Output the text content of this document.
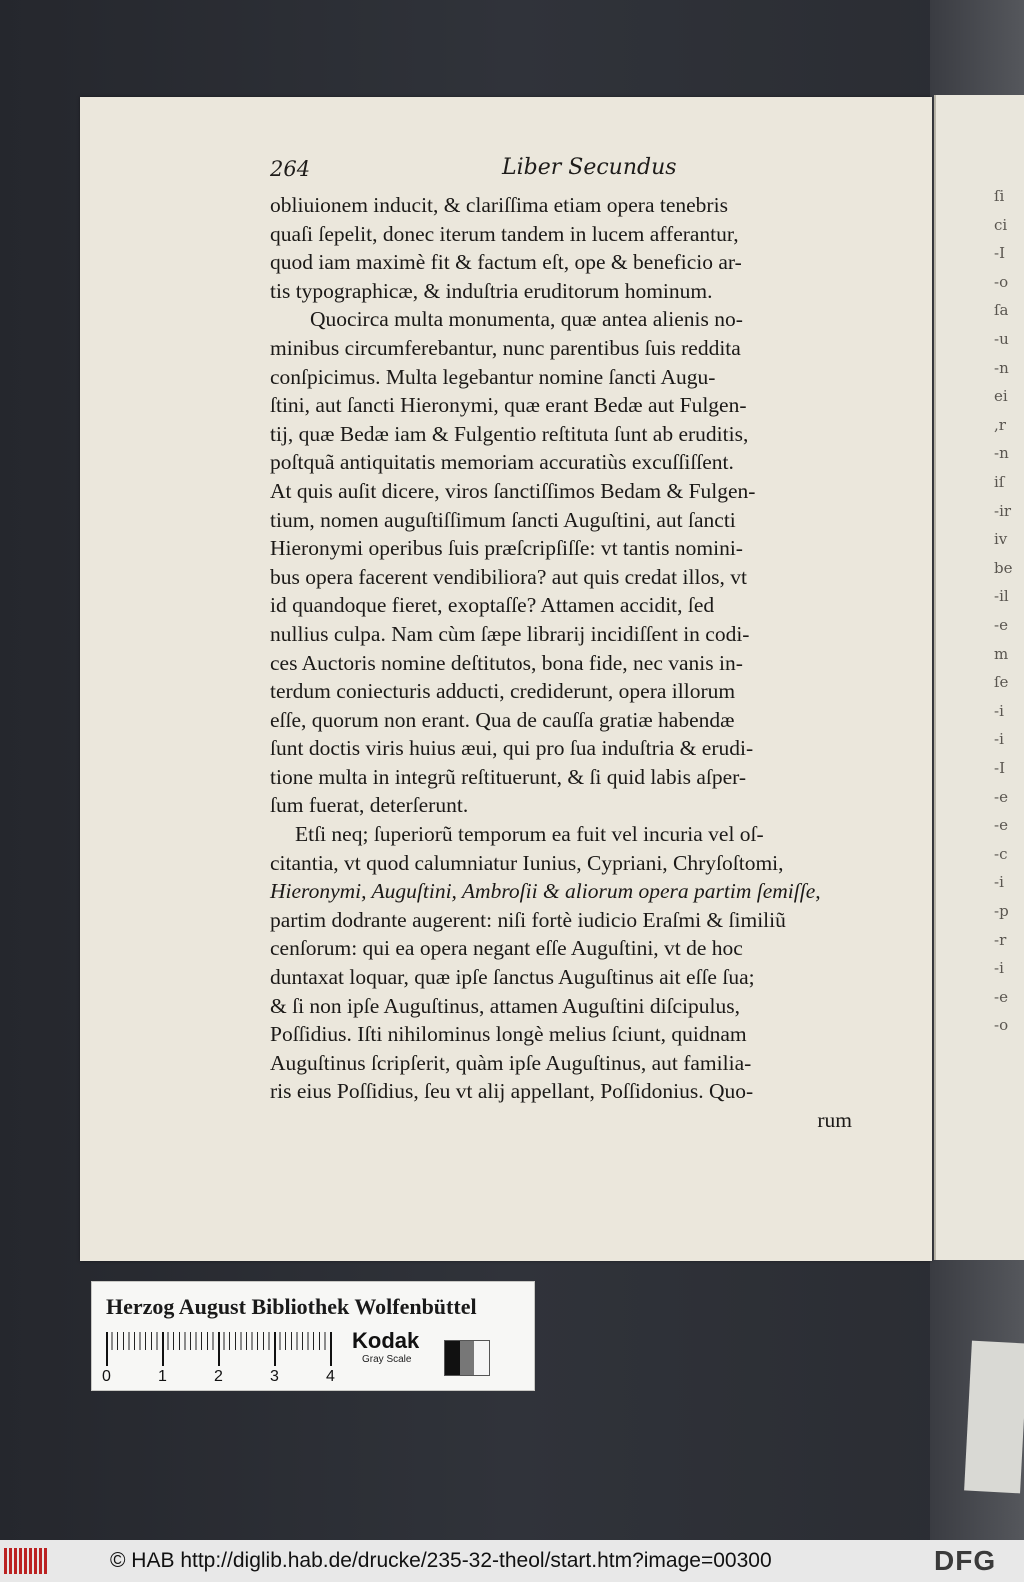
ſi
ci
-I
-o
ſa
-u
-n
ei
,r
-n
iſ
-ir
iv
be
-il
-e
m
ſe
-i
-i
-I
-e
-e
-c
-i
-p
-r
-i
-e
-o
264	Liber Secundus
obliuionem inducit, & clariſſima etiam opera tenebris
quaſi ſepelit, donec iterum tandem in lucem afferantur,
quod iam maximè fit & factum eſt, ope & beneficio ar-
tis typographicæ, & induſtria eruditorum hominum.
Quocirca multa monumenta, quæ antea alienis no-
minibus circumferebantur, nunc parentibus ſuis reddita
conſpicimus. Multa legebantur nomine ſancti Augu-
ſtini, aut ſancti Hieronymi, quæ erant Bedæ aut Fulgen-
tij, quæ Bedæ iam & Fulgentio reſtituta ſunt ab eruditis,
poſtquã antiquitatis memoriam accuratiùs excuſſiſſent.
At quis auſit dicere, viros ſanctiſſimos Bedam & Fulgen-
tium, nomen auguſtiſſimum ſancti Auguſtini, aut ſancti
Hieronymi operibus ſuis præſcripſiſſe: vt tantis nomini-
bus opera facerent vendibiliora? aut quis credat illos, vt
id quandoque fieret, exoptaſſe? Attamen accidit, ſed
nullius culpa. Nam cùm ſæpe librarij incidiſſent in codi-
ces Auctoris nomine deſtitutos, bona fide, nec vanis in-
terdum coniecturis adducti, crediderunt, opera illorum
eſſe, quorum non erant. Qua de cauſſa gratiæ habendæ
ſunt doctis viris huius æui, qui pro ſua induſtria & erudi-
tione multa in integrũ reſtituerunt, & ſi quid labis aſper-
ſum fuerat, deterſerunt.
Etſi neq; ſuperiorũ temporum ea fuit vel incuria vel oſ-
citantia, vt quod calumniatur Iunius, Cypriani, Chryſoſtomi,
Hieronymi, Auguſtini, Ambroſii & aliorum opera partim ſemiſſe,
partim dodrante augerent: niſi fortè iudicio Eraſmi & ſimiliũ
cenſorum: qui ea opera negant eſſe Auguſtini, vt de hoc
duntaxat loquar, quæ ipſe ſanctus Auguſtinus ait eſſe ſua;
& ſi non ipſe Auguſtinus, attamen Auguſtini diſcipulus,
Poſſidius. Iſti nihilominus longè melius ſciunt, quidnam
Auguſtinus ſcripſerit, quàm ipſe Auguſtinus, aut familia-
ris eius Poſſidius, ſeu vt alij appellant, Poſſidonius. Quo-
rum
Herzog August Bibliothek Wolfenbüttel
0	1	2	3	4
Kodak
Gray Scale
© HAB http://diglib.hab.de/drucke/235-32-theol/start.htm?image=00300	DFG
